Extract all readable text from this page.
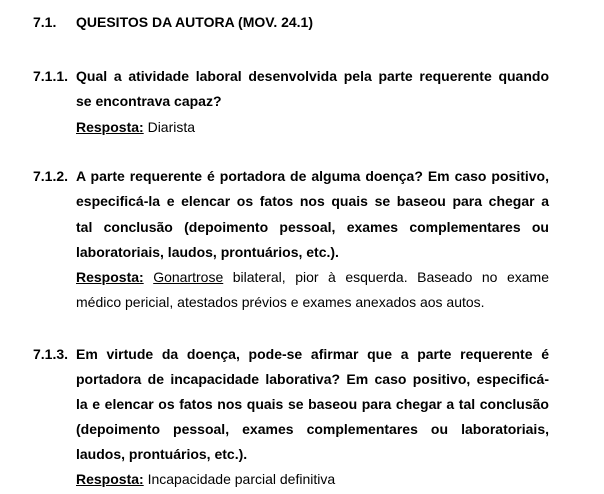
7.1. QUESITOS DA AUTORA (MOV. 24.1)
7.1.1. Qual a atividade laboral desenvolvida pela parte requerente quando
se encontrava capaz?
Resposta: Diarista
7.1.2. A parte requerente é portadora de alguma doença? Em caso positivo,
especificá-la e elencar os fatos nos quais se baseou para chegar a
tal conclusão (depoimento pessoal, exames complementares ou
laboratoriais, laudos, prontuários, etc.).
Resposta: Gonartrose bilateral, pior à esquerda. Baseado no exame
médico pericial, atestados prévios e exames anexados aos autos.
7.1.3. Em virtude da doença, pode-se afirmar que a parte requerente é
portadora de incapacidade laborativa? Em caso positivo, especificá-
la e elencar os fatos nos quais se baseou para chegar a tal conclusão
(depoimento pessoal, exames complementares ou laboratoriais,
laudos, prontuários, etc.).
Resposta: Incapacidade parcial definitiva
